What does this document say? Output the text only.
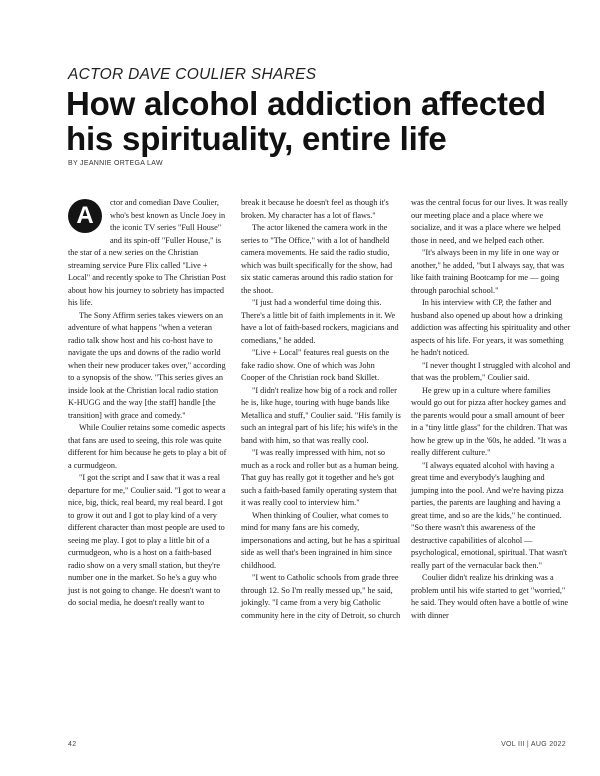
ACTOR DAVE COULIER SHARES
How alcohol addiction affected his spirituality, entire life
BY JEANNIE ORTEGA LAW
A	ctor and comedian Dave Coulier, who's best known as Uncle Joey in the iconic TV series "Full House" and its spin-off "Fuller House," is the star of a new series on the Christian streaming service Pure Flix called "Live + Local" and recently spoke to The Christian Post about how his journey to sobriety has impacted his life.

The Sony Affirm series takes viewers on an adventure of what happens "when a veteran radio talk show host and his co-host have to navigate the ups and downs of the radio world when their new producer takes over," according to a synopsis of the show. "This series gives an inside look at the Christian local radio station K-HUGG and the way [the staff] handle [the transition] with grace and comedy."

While Coulier retains some comedic aspects that fans are used to seeing, this role was quite different for him because he gets to play a bit of a curmudgeon.

"I got the script and I saw that it was a real departure for me," Coulier said. "I got to wear a nice, big, thick, real beard, my real beard. I got to grow it out and I got to play kind of a very different character than most people are used to seeing me play. I got to play a little bit of a curmudgeon, who is a host on a faith-based radio show on a very small station, but they're number one in the market. So he's a guy who just is not going to change. He doesn't want to do social media, he doesn't really want to

break it because he doesn't feel as though it's broken. My character has a lot of flaws."

The actor likened the camera work in the series to "The Office," with a lot of handheld camera movements. He said the radio studio, which was built specifically for the show, had six static cameras around this radio station for the shoot.

"I just had a wonderful time doing this. There's a little bit of faith implements in it. We have a lot of faith-based rockers, magicians and comedians," he added.

"Live + Local" features real guests on the fake radio show. One of which was John Cooper of the Christian rock band Skillet.

"I didn't realize how big of a rock and roller he is, like huge, touring with huge bands like Metallica and stuff," Coulier said. "His family is such an integral part of his life; his wife's in the band with him, so that was really cool.

"I was really impressed with him, not so much as a rock and roller but as a human being. That guy has really got it together and he's got such a faith-based family operating system that it was really cool to interview him."

When thinking of Coulier, what comes to mind for many fans are his comedy, impersonations and acting, but he has a spiritual side as well that's been ingrained in him since childhood.

"I went to Catholic schools from grade three through 12. So I'm really messed up," he said, jokingly. "I came from a very big Catholic community here in the city of Detroit, so church

was the central focus for our lives. It was really our meeting place and a place where we socialize, and it was a place where we helped those in need, and we helped each other.

"It's always been in my life in one way or another," he added, "but I always say, that was like faith training Bootcamp for me — going through parochial school."

In his interview with CP, the father and husband also opened up about how a drinking addiction was affecting his spirituality and other aspects of his life. For years, it was something he hadn't noticed.

"I never thought I struggled with alcohol and that was the problem," Coulier said.

He grew up in a culture where families would go out for pizza after hockey games and the parents would pour a small amount of beer in a "tiny little glass" for the children. That was how he grew up in the '60s, he added. "It was a really different culture."

"I always equated alcohol with having a great time and everybody's laughing and jumping into the pool. And we're having pizza parties, the parents are laughing and having a great time, and so are the kids," he continued. "So there wasn't this awareness of the destructive capabilities of alcohol — psychological, emotional, spiritual. That wasn't really part of the vernacular back then."

Coulier didn't realize his drinking was a problem until his wife started to get "worried," he said. They would often have a bottle of wine with dinner

42	VOL III | AUG 2022
